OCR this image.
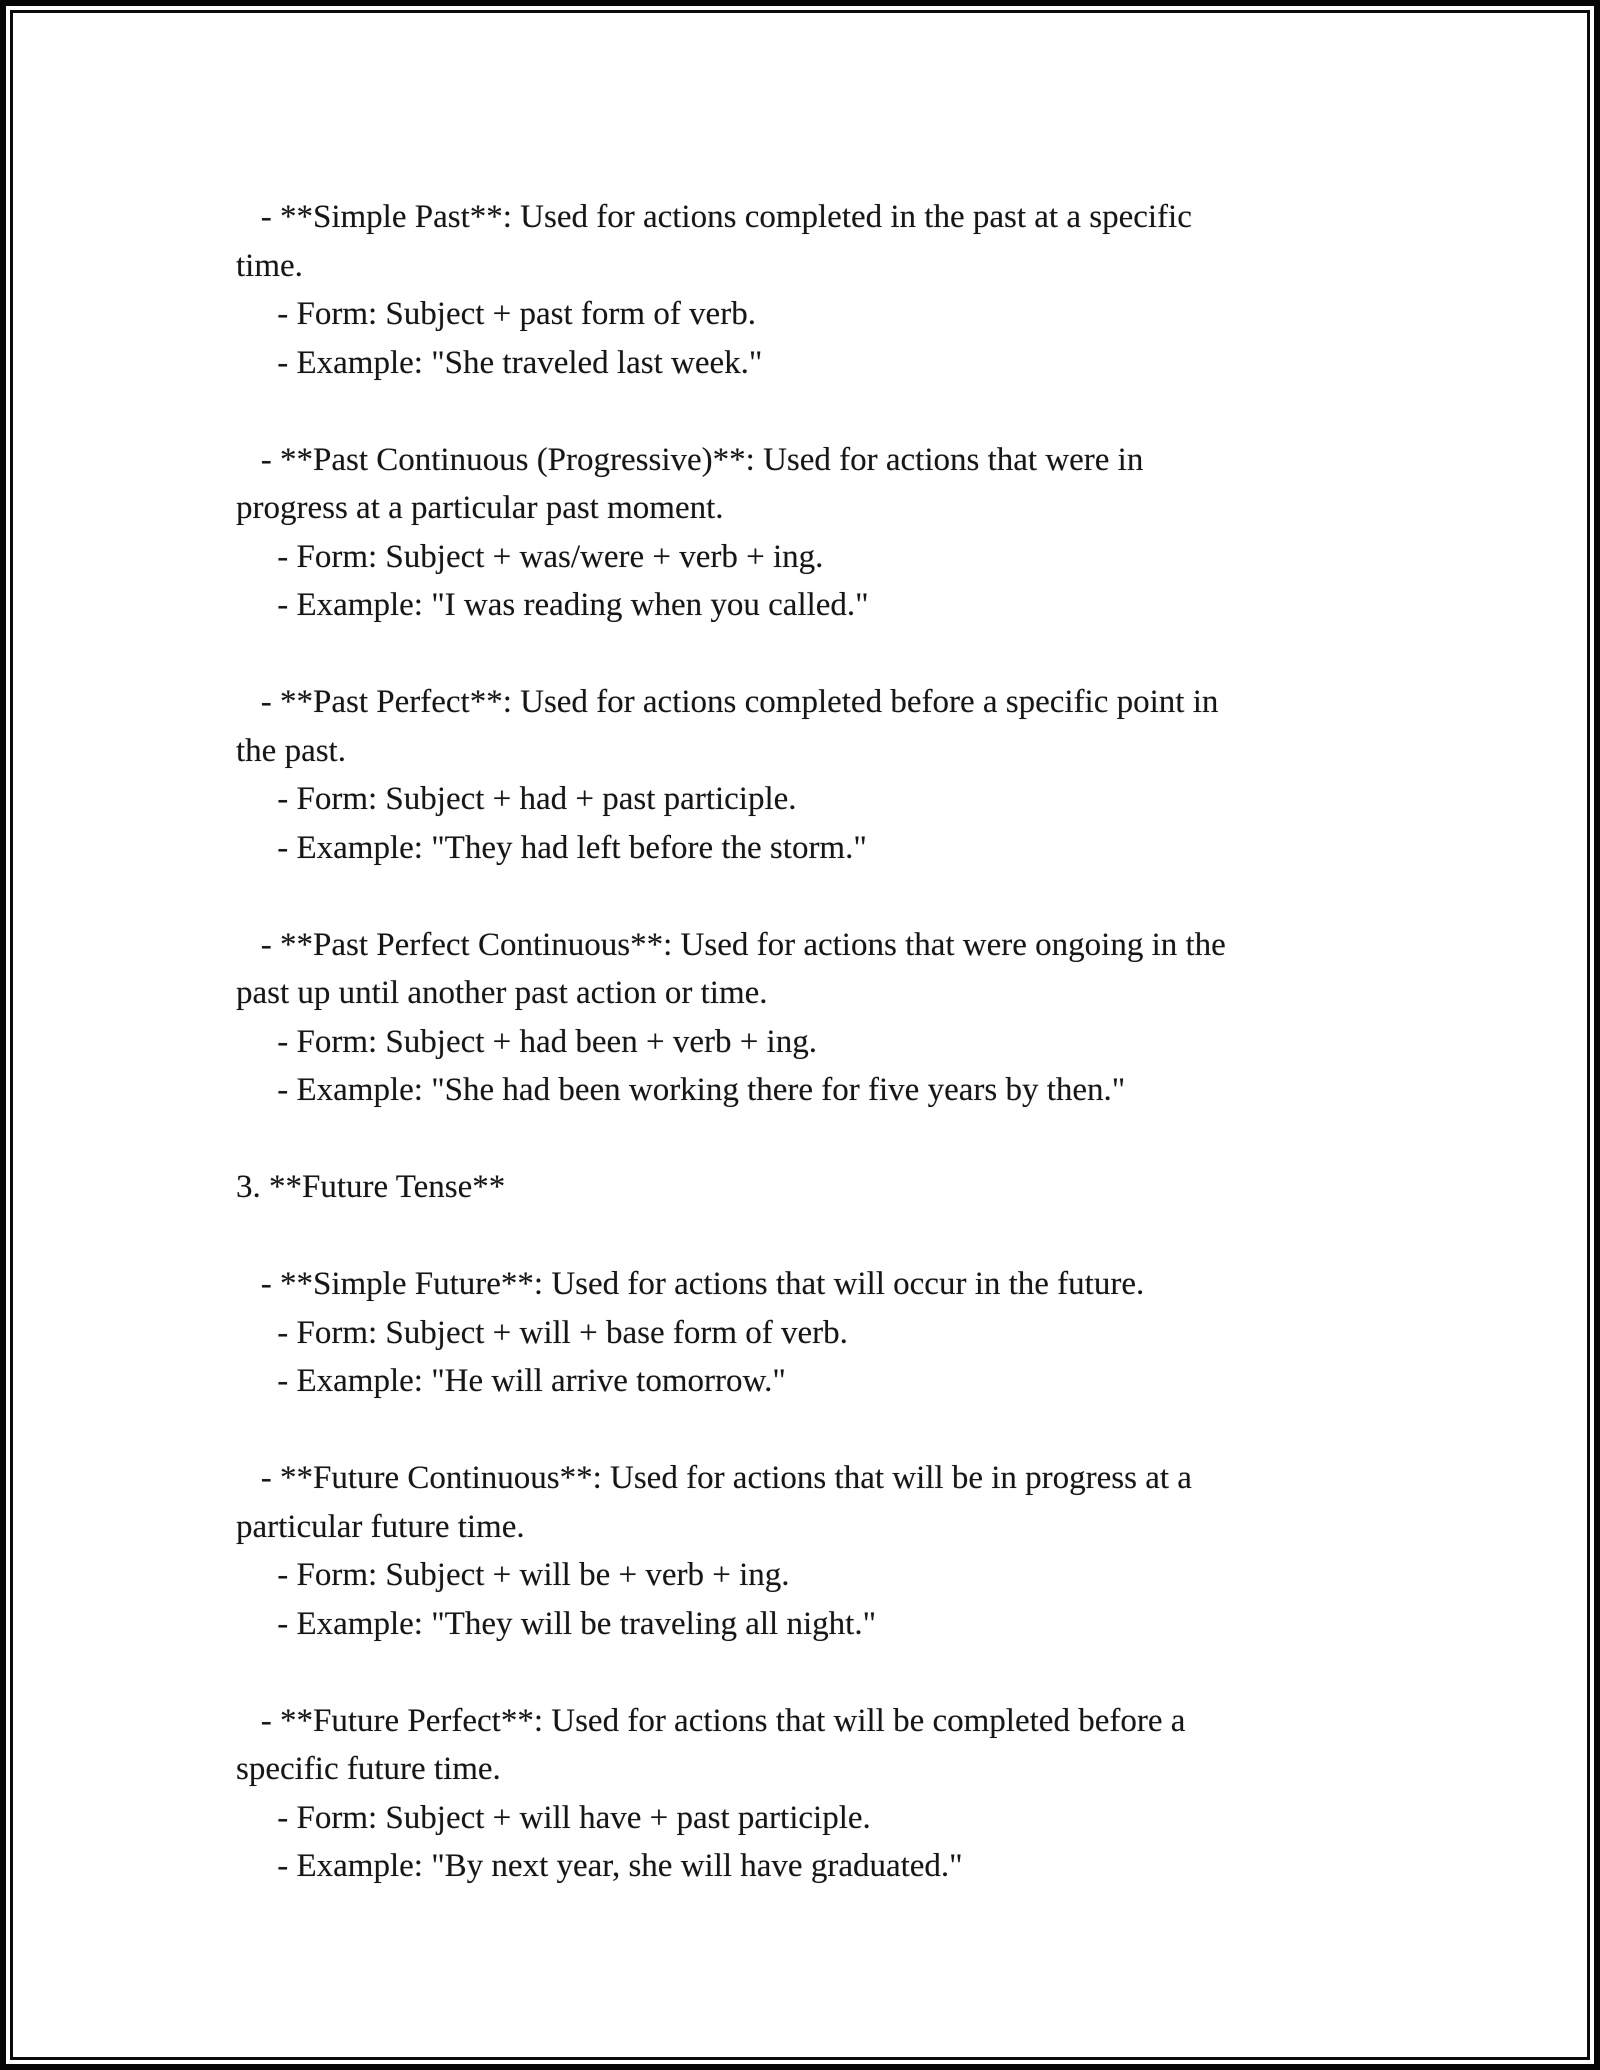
- **Simple Past**: Used for actions completed in the past at a specific
time.
- Form: Subject + past form of verb.
- Example: "She traveled last week."
- **Past Continuous (Progressive)**: Used for actions that were in
progress at a particular past moment.
- Form: Subject + was/were + verb + ing.
- Example: "I was reading when you called."
- **Past Perfect**: Used for actions completed before a specific point in
the past.
- Form: Subject + had + past participle.
- Example: "They had left before the storm."
- **Past Perfect Continuous**: Used for actions that were ongoing in the
past up until another past action or time.
- Form: Subject + had been + verb + ing.
- Example: "She had been working there for five years by then."
3. **Future Tense**
- **Simple Future**: Used for actions that will occur in the future.
- Form: Subject + will + base form of verb.
- Example: "He will arrive tomorrow."
- **Future Continuous**: Used for actions that will be in progress at a
particular future time.
- Form: Subject + will be + verb + ing.
- Example: "They will be traveling all night."
- **Future Perfect**: Used for actions that will be completed before a
specific future time.
- Form: Subject + will have + past participle.
- Example: "By next year, she will have graduated."
